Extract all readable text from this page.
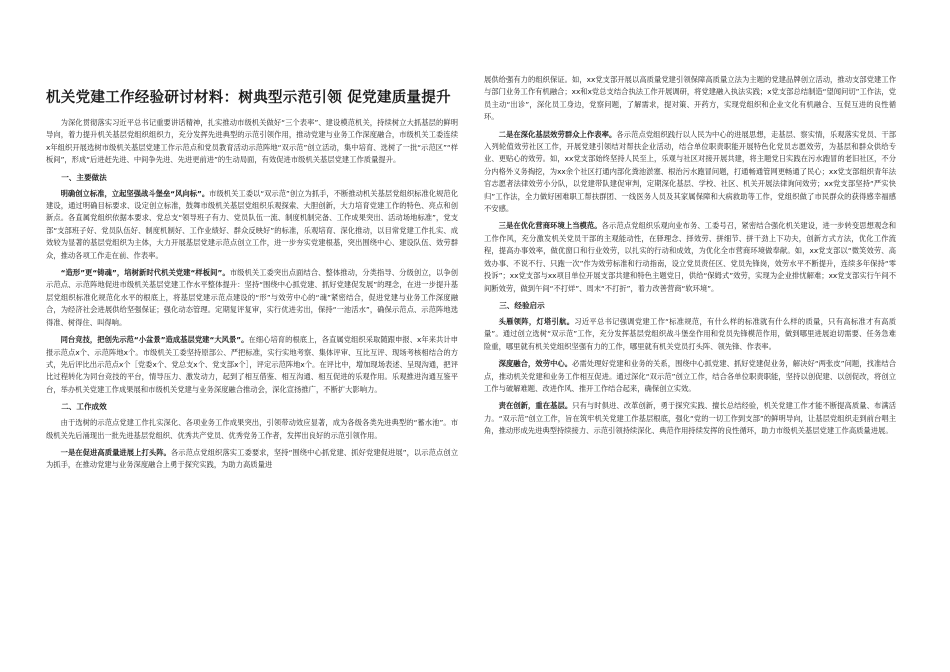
机关党建工作经验研讨材料：树典型示范引领 促党建质量提升

为深化贯彻落实习近平总书记重要讲话精神，扎实推动市级机关做好“三个表率”、建设模范机关，持续树立大抓基层的鲜明导向，着力提升机关基层党组织组织力，充分发挥先进典型的示范引领作用，推动党建与业务工作深度融合，市级机关工委连续x年组织开展选树市级机关基层党建工作示范点和党员教育活动示范阵地“双示范”创立活动，集中培育、选树了一批“示范区”“样板间”，形成“后进赶先进、中间争先进、先进更前进”的生动局面，有效促进市级机关基层党建工作质量提升。

一、主要做法

明确创立标准，立起坚强战斗堡垒“风向标”。市级机关工委以“双示范”创立为抓手，不断推动机关基层党组织标准化规范化建设，通过明确目标要求、设定创立标准，鼓舞市级机关基层党组织乐观探索、大胆创新，大力培育党建工作的特色、亮点和创新点。各直属党组织依据本要求、党总支“领导班子有力、党员队伍一流、制度机制完备、工作成果突出、活动场地标准”，党支部“支部班子好、党员队伍好、制度机制好、工作业绩好、群众反映好”的标准，乐观培育、深化推动，以目常党建工作扎实、成效较为显著的基层党组织为主体，大力开展基层党建示范点创立工作，进一步夯实党建根基，突出围绕中心、建设队伍、效劳群众，推动各项工作走在前、作表率。

“造形”更“铸魂”，培树新时代机关党建“样板间”。市级机关工委突出点面结合、整体推动，分类指导、分级创立，以争创示范点、示范阵地促进市级机关基层党建工作水平整体提升：坚持“围绕中心抓党建、抓好党建促发展”的理念，在进一步提升基层党组织标准化规范化水平的根底上，将基层党建示范点建设的“形”与效劳中心的“魂”紧密结合，促进党建与业务工作深度融合，为经济社会进展供给坚强保证；强化动态管理。定期复评复审，实行优进劣出，保持“一池活水”，确保示范点、示范阵地选得准、树得住、叫得响。

同台竞技，把创先示范“小盆景”造成基层党建“大风景”。在细心培育的根底上，各直属党组织采取随跟申报、x年来共计申报示范点x个、示范阵地x个。市级机关工委坚持原部公、严把标准，实行实地考察、集体评审、互比互评、现场考核相结合的方式，先后评比出示范点x个［党委x个、党总支x个、党支部x个］，评定示范阵地x个。在评比中，增加现场表述、呈现沟通，把评比过程转化为同台竞技的平台，情导压力、激发动力，起到了相互借鉴、相互沟通、相互促进的乐观作用。乐观推进沟通互鉴平台，举办机关党建工作成果展和市级机关党建与业务深度融合推动会，深化宣扬推广，不断扩大影响力。

二、工作成效

由于选树的示范点党建工作扎实深化、各项业务工作成果突出，引领带动效应显著，成为各级各类先进典型的“蓄水池”。市级机关先后涌现出一批先进基层党组织、优秀共产党员、优秀党务工作者，发挥出良好的示范引领作用。

一是在促进高质量进展上打头阵。各示范点党组织落实工委要求，坚持“围绕中心抓党建、抓好党建促进展”，以示范点创立为抓手，在推动党建与业务深度融合上勇于探究实践，为助力高质量进

展供给强有力的组织保证。如，xx党支部开展以高质量党建引领保障高质量立法为主题的党建品牌创立活动，推动支部党建工作与部门业务工作有机融合；xx和x党总支结合执法工作开展调研，将党建融入执法实践；x党支部总结制造“望闻问切”工作法，党员主动“出诊”，深化员工身边，党察问题，了解需求，提对策、开药方，实现党组织和企业文化有机融合、互促互进的良性循环。

二是在深化基层效劳群众上作表率。各示范点党组织践行以人民为中心的进展思想，走基层、察实情，乐观落实党员、干部入列轮值效劳社区工作，开展党建引领结对帮扶企业活动，结合单位职责职能开展特色化党员志愿效劳，为基层和群众供给专业、更贴心的效劳。如，xx党支部始终坚持人民至上，乐观与社区对接开展共建，将主题党日实践在污水跑冒的老旧社区，不分分内格外义务掏挖，为xx余个社区打通内部化粪池淤塞、根治污水跑冒问题，打通畅通管网更畅通了民心；xx党支部组织青年法官志愿者法律效劳小分队，以党建带队建促审判，定期深化基层、学校、社区、机关开展法律询问效劳；xx党支部坚持“严实快归”工作法，全力做好困难职工帮扶群团、一线医务人员及其家属保障和大病救助等工作，党组织做了市民群众的获得感幸福感不安感。

三是在优化营商环境上当模范。各示范点党组织乐观向业布务、工委号召，紧密结合强化机关建设，进一步转变思想观念和工作作风，充分激发机关党员干部的主观能动性，在驿理念、择效劳、拼细节、拼干劲上下功夫，创新方式方法，优化工作流程，提高办事效率，做优窗口和行业效劳，以扎实的行动和成效，为优化全市营商环境做奉献。如，xx党支部以“微笑效劳、高效办事、不说不行、只跑一次”作为效劳标准和行动指南，设立党员责任区、党员先锋岗，效劳水平不断提升，连续多年保持“零投诉”；xx党支部与xx项目单位开展支部共建和特色主题党日，供给“保姆式”效劳，实现为企业排忧解难；xx党支部实行午间不间断效劳，做到午间“不打烊”、周末“不打折”，着力改善营商“软环境”。

三、经验启示

头雁领阵，灯塔引航。习近平总书记强调党建工作“标准规范，有什么样的标准就有什么样的质量，只有高标准才有高质量”。通过创立选树“双示范”工作，充分发挥基层党组织战斗堡垒作用和党员先锋模范作用，做到哪里进展迫切需要、任务急难险重，哪里就有机关党组织坚强有力的工作，哪里就有机关党员打头阵、领先锋、作表率。

深度融合，效劳中心。必需处理好党建和业务的关系，围绕中心抓党建、抓好党建促业务，解决好“两张皮”问题，找准结合点，推动机关党建和业务工作相互促进。通过深化“双示范”创立工作，结合各单位职责职能，坚持以创促建、以创促改，将创立工作与破解难题、改进作风、推开工作结合起来，确保创立实效。

责在创新，重在基层。只有与时俱进、改革创新，勇于探究实践、擅长总结经验，机关党建工作才能不断提高质量、布满活力。“双示范”创立工作，旨在筑牢机关党建工作基层根底，强化“党的一切工作到支部”的鲜明导向，让基层党组织走到前台唱主角，推动形成先进典型持续接力、示范引领持续深化、典范作用持续发挥的良性循环，助力市级机关基层党建工作高质量进展。
